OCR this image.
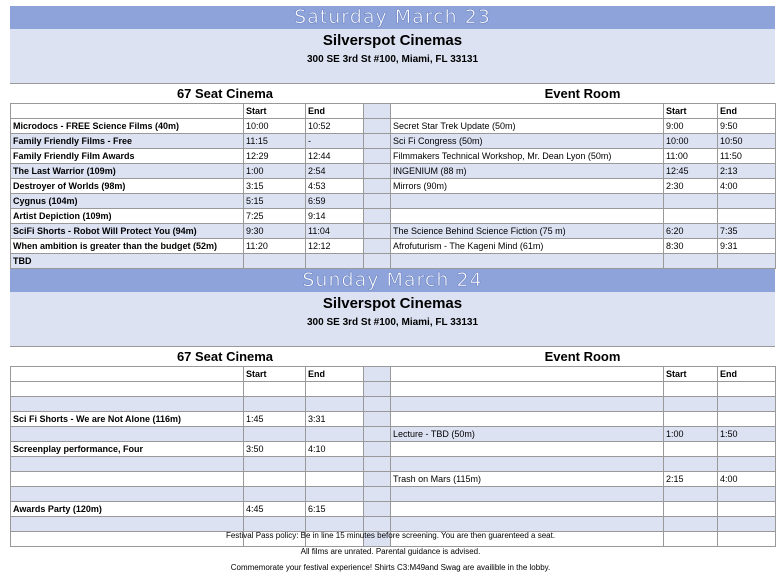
Saturday March 23
Silverspot Cinemas
300 SE 3rd St #100, Miami, FL 33131
67 Seat Cinema	Event Room
	Start	End			Start	End
Microdocs - FREE Science Films (40m)	10:00	10:52		Secret Star Trek Update (50m)	9:00	9:50
Family Friendly Films - Free	11:15	-		Sci Fi Congress (50m)	10:00	10:50
Family Friendly Film Awards	12:29	12:44		Filmmakers Technical Workshop, Mr. Dean Lyon (50m)	11:00	11:50
The Last Warrior (109m)	1:00	2:54		INGENIUM (88 m)	12:45	2:13
Destroyer of Worlds (98m)	3:15	4:53		Mirrors (90m)	2:30	4:00
Cygnus (104m)	5:15	6:59				
Artist Depiction (109m)	7:25	9:14				
SciFi Shorts - Robot Will Protect You (94m)	9:30	11:04		The Science Behind Science Fiction (75 m)	6:20	7:35
When ambition is greater than the budget (52m)	11:20	12:12		Afrofuturism - The Kageni Mind (61m)	8:30	9:31
TBD						
Sunday March 24
Silverspot Cinemas
300 SE 3rd St #100, Miami, FL 33131
67 Seat Cinema	Event Room
	Start	End			Start	End

Sci Fi Shorts - We are Not Alone (116m)	1:45	3:31				
				Lecture - TBD (50m)	1:00	1:50
Screenplay performance, Four	3:50	4:10				

				Trash on Mars (115m)	2:15	4:00

Awards Party (120m)	4:45	6:15				

Festival Pass policy: Be in line 15 minutes before screening. You are then guarenteed a seat.
All films are unrated. Parental guidance is advised.
Commemorate your festival experience! Shirts C3:M49and Swag are availible in the lobby.
